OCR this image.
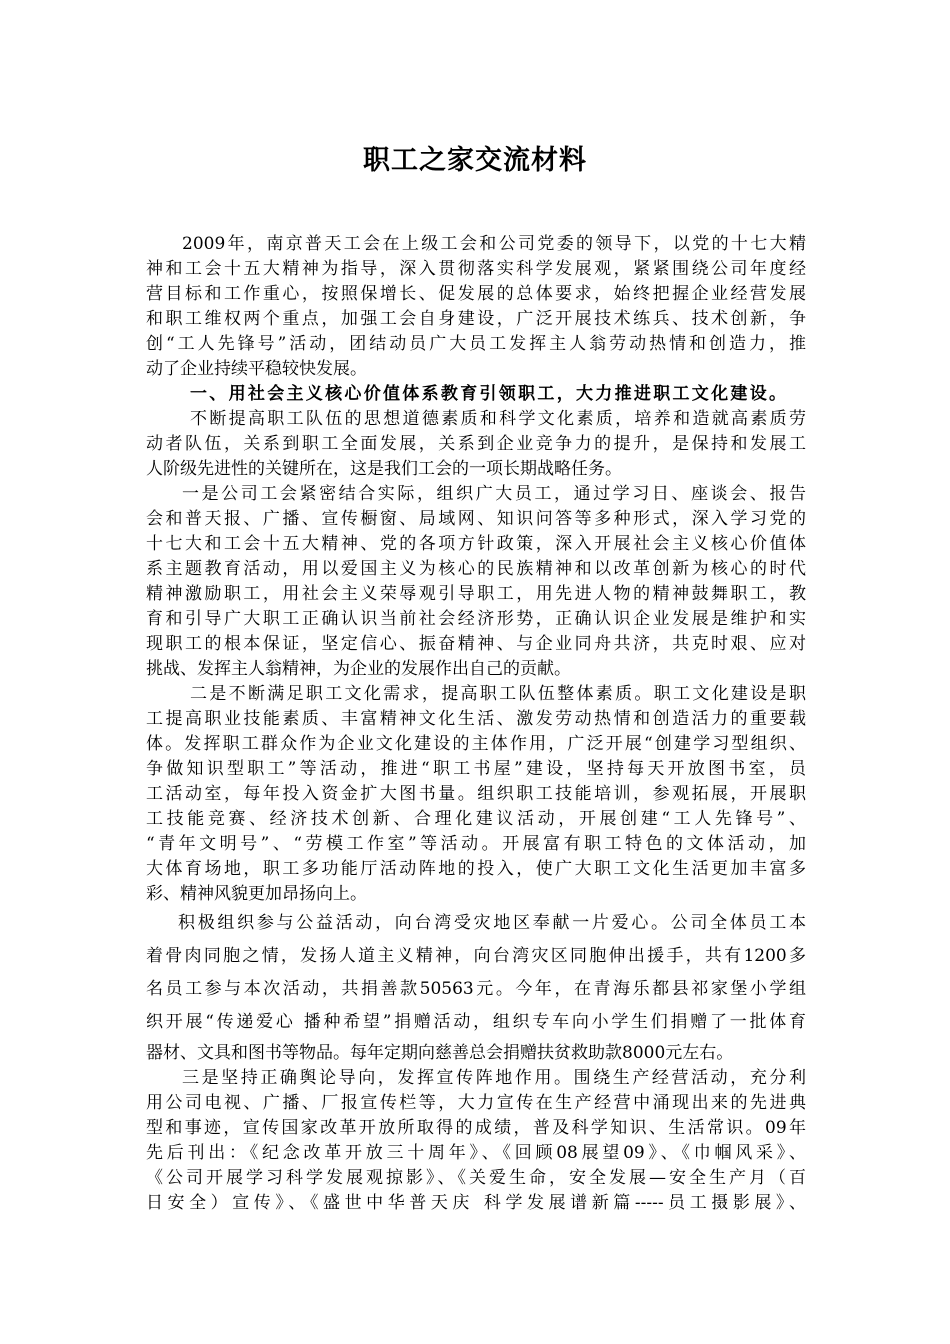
职工之家交流材料
2009年，南京普天工会在上级工会和公司党委的领导下，以党的十七大精
神和工会十五大精神为指导，深入贯彻落实科学发展观，紧紧围绕公司年度经
营目标和工作重心，按照保增长、促发展的总体要求，始终把握企业经营发展
和职工维权两个重点，加强工会自身建设，广泛开展技术练兵、技术创新，争
创“工人先锋号”活动，团结动员广大员工发挥主人翁劳动热情和创造力，推
动了企业持续平稳较快发展。
一、用社会主义核心价值体系教育引领职工，大力推进职工文化建设。
不断提高职工队伍的思想道德素质和科学文化素质，培养和造就高素质劳
动者队伍，关系到职工全面发展，关系到企业竞争力的提升，是保持和发展工
人阶级先进性的关键所在，这是我们工会的一项长期战略任务。
一是公司工会紧密结合实际，组织广大员工，通过学习日、座谈会、报告
会和普天报、广播、宣传橱窗、局域网、知识问答等多种形式，深入学习党的
十七大和工会十五大精神、党的各项方针政策，深入开展社会主义核心价值体
系主题教育活动，用以爱国主义为核心的民族精神和以改革创新为核心的时代
精神激励职工，用社会主义荣辱观引导职工，用先进人物的精神鼓舞职工，教
育和引导广大职工正确认识当前社会经济形势，正确认识企业发展是维护和实
现职工的根本保证，坚定信心、振奋精神、与企业同舟共济，共克时艰、应对
挑战、发挥主人翁精神，为企业的发展作出自己的贡献。
二是不断满足职工文化需求，提高职工队伍整体素质。职工文化建设是职
工提高职业技能素质、丰富精神文化生活、激发劳动热情和创造活力的重要载
体。发挥职工群众作为企业文化建设的主体作用，广泛开展“创建学习型组织、
争做知识型职工”等活动，推进“职工书屋”建设，坚持每天开放图书室，员
工活动室，每年投入资金扩大图书量。组织职工技能培训，参观拓展，开展职
工技能竞赛、经济技术创新、合理化建议活动，开展创建“工人先锋号”、
“青年文明号”、“劳模工作室”等活动。开展富有职工特色的文体活动，加
大体育场地，职工多功能厅活动阵地的投入，使广大职工文化生活更加丰富多
彩、精神风貌更加昂扬向上。
积极组织参与公益活动，向台湾受灾地区奉献一片爱心。公司全体员工本
着骨肉同胞之情，发扬人道主义精神，向台湾灾区同胞伸出援手，共有1200多
名员工参与本次活动，共捐善款50563元。今年，在青海乐都县祁家堡小学组
织开展“传递爱心 播种希望”捐赠活动，组织专车向小学生们捐赠了一批体育
器材、文具和图书等物品。每年定期向慈善总会捐赠扶贫救助款8000元左右。
三是坚持正确舆论导向，发挥宣传阵地作用。围绕生产经营活动，充分利
用公司电视、广播、厂报宣传栏等，大力宣传在生产经营中涌现出来的先进典
型和事迹，宣传国家改革开放所取得的成绩，普及科学知识、生活常识。09年
先后刊出：《纪念改革开放三十周年》、《回顾08展望09》、《巾帼风采》、
《公司开展学习科学发展观掠影》、《关爱生命，安全发展—安全生产月（百
日安全）宣传》、《盛世中华普天庆 科学发展谱新篇-----员工摄影展》、
